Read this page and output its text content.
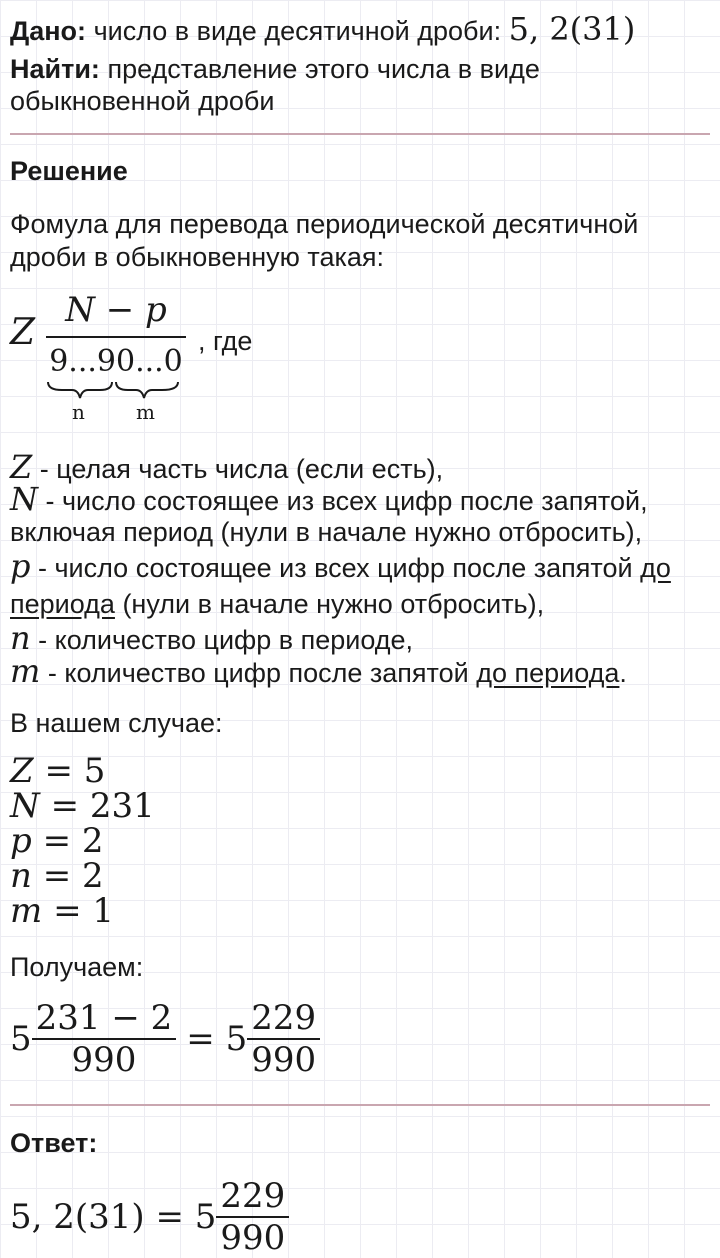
Дано: число в виде десятичной дроби: 5, 2(31)
Найти: представление этого числа в виде
обыкновенной дроби
Решение
Фомула для перевода периодической десятичной
дроби в обыкновенную такая:
Z
N − p
9...90...0
n	m
, где
Z - целая часть числа (если есть),
N - число состоящее из всех цифр после запятой,
включая период (нули в начале нужно отбросить),
p - число состоящее из всех цифр после запятой до
периода (нули в начале нужно отбросить),
n - количество цифр в периоде,
m - количество цифр после запятой до периода.
В нашем случае:
Z = 5
N = 231
p = 2
n = 2
m = 1
Получаем:
$5 \frac{231 - 2}{990} = 5 \frac{229}{990}$
Ответ:
5, $2(31) = 5 \frac{229}{990}$
